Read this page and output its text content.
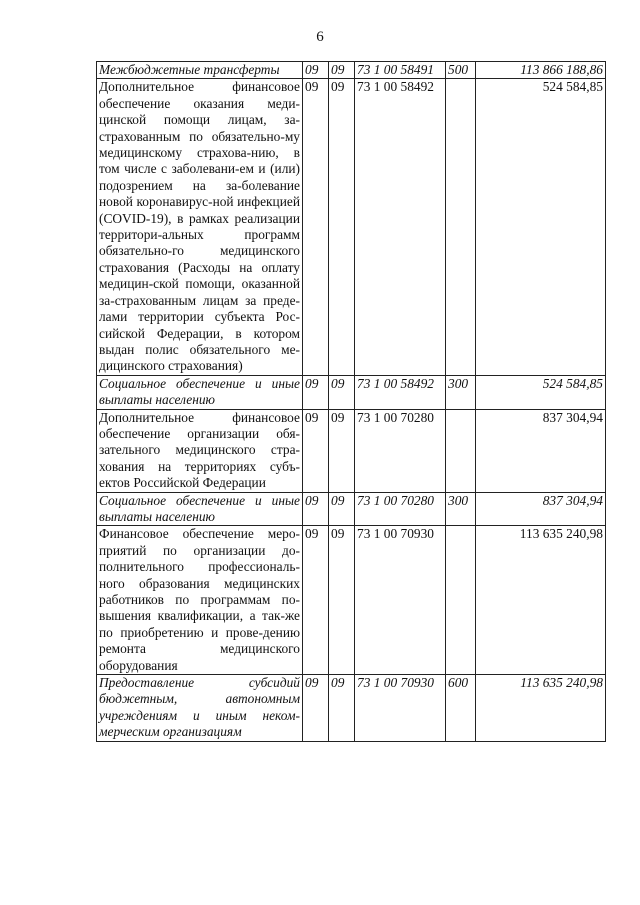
6
Межбюджетные трансферты	09	09	73 1 00 58491	500	113 866 188,86
Дополнительное финансовое обеспечение оказания меди-цинской помощи лицам, за-страхованным по обязательно-му медицинскому страхова-нию, в том числе с заболевани-ем и (или) подозрением на за-болевание новой коронавирус-ной инфекцией (COVID-19), в рамках реализации территори-альных программ обязательно-го медицинского страхования (Расходы на оплату медицин-ской помощи, оказанной за-страхованным лицам за преде-лами территории субъекта Рос-сийской Федерации, в котором выдан полис обязательного ме-дицинского страхования)	09	09	73 1 00 58492		524 584,85
Социальное обеспечение и иные выплаты населению	09	09	73 1 00 58492	300	524 584,85
Дополнительное финансовое обеспечение организации обя-зательного медицинского стра-хования на территориях субъ-ектов Российской Федерации	09	09	73 1 00 70280		837 304,94
Социальное обеспечение и иные выплаты населению	09	09	73 1 00 70280	300	837 304,94
Финансовое обеспечение меро-приятий по организации до-полнительного профессиональ-ного образования медицинских работников по программам по-вышения квалификации, а так-же по приобретению и прове-дению ремонта медицинского оборудования	09	09	73 1 00 70930		113 635 240,98
Предоставление субсидий бюджетным, автономным учреждениям и иным неком-мерческим организациям	09	09	73 1 00 70930	600	113 635 240,98
